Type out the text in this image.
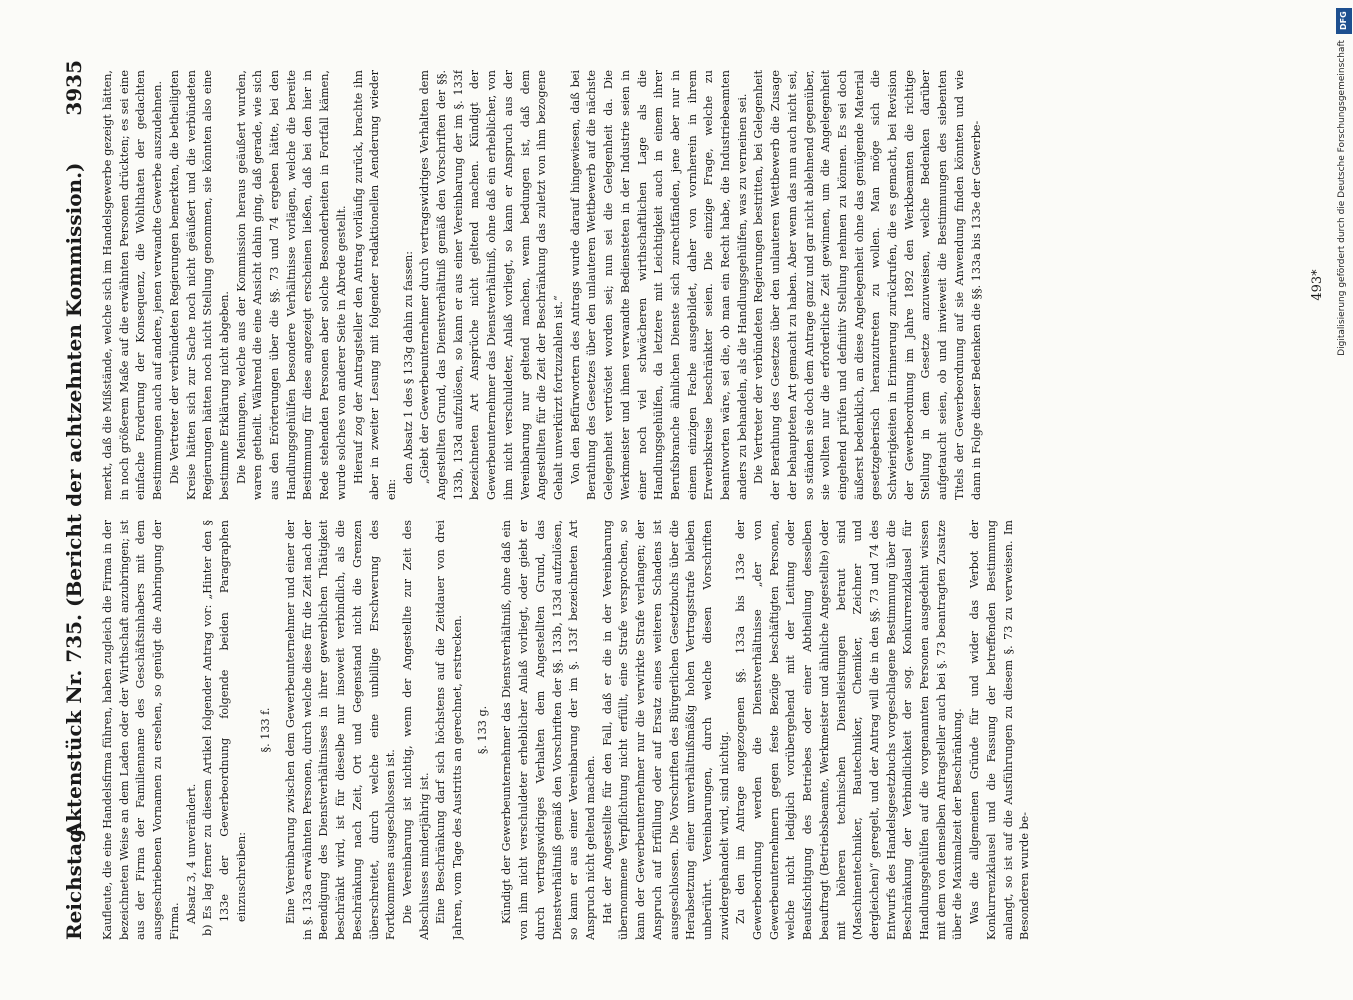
Reichstag.
Aktenstück Nr. 735. (Bericht der achtzehnten Kommission.)
3935

Kaufleute, die eine Handelsfirma führen, haben zugleich die Firma in der bezeichneten Weise an dem Laden oder der Wirthschaft anzubringen; ist aus der Firma der Familienname des Geschäftsinhabers mit dem ausgeschriebenen Vornamen zu ersehen, so genügt die Anbringung der Firma. Absatz 3, 4 unverändert. b) Es lag ferner zu diesem Artikel folgender Antrag vor: „Hinter den § 133e der Gewerbeordnung folgende beiden Paragraphen einzuschreiben:

§. 133 f. Eine Vereinbarung zwischen dem Gewerbeunternehmer und einer der in §. 133a erwähnten Personen, durch welche diese für die Zeit nach der Beendigung des Dienstverhältnisses in ihrer gewerblichen Thätigkeit beschränkt wird, ist für dieselbe nur insoweit verbindlich, als die Beschränkung nach Zeit, Ort und Gegenstand nicht die Grenzen überschreitet, durch welche eine unbillige Erschwerung des Fortkommens ausgeschlossen ist. Die Vereinbarung ist nichtig, wenn der Angestellte zur Zeit des Abschlusses minderjährig ist. Eine Beschränkung darf sich höchstens auf die Zeitdauer von drei Jahren, vom Tage des Austritts an gerechnet, erstrecken. §. 133 g. Kündigt der Gewerbeunternehmer das Dienstverhältniß, ohne daß ein von ihm nicht verschuldeter erheblicher Anlaß vorliegt, oder giebt er durch vertragswidriges Verhalten dem Angestellten Grund, das Dienstverhältniß gemäß den Vorschriften der §§. 133b, 133d aufzulösen, so kann er aus einer Vereinbarung der im §. 133f bezeichneten Art Anspruch nicht geltend machen. Hat der Angestellte für den Fall, daß er die in der Vereinbarung übernommene Verpflichtung nicht erfüllt, eine Strafe versprochen, so kann der Gewerbeunternehmer nur die verwirkte Strafe verlangen; der Anspruch auf Erfüllung oder auf Ersatz eines weiteren Schadens ist ausgeschlossen. Die Vorschriften des Bürgerlichen Gesetzbuchs über die Herabsetzung einer unverhältnißmäßig hohen Vertragsstrafe bleiben unberührt. Vereinbarungen, durch welche diesen Vorschriften zuwidergehandelt wird, sind nichtig. Zu den im Antrage angezogenen §§. 133a bis 133e der Gewerbeordnung werden die Dienstverhältnisse „der von Gewerbeunternehmern gegen feste Bezüge beschäftigten Personen, welche nicht lediglich vorübergehend mit der Leitung oder Beaufsichtigung des Betriebes oder einer Abtheilung desselben beauftragt (Betriebsbeamte, Werkmeister und ähnliche Angestellte) oder mit höheren technischen Dienstleistungen betraut sind (Maschinentechniker, Bautechniker, Chemiker, Zeichner und dergleichen)“ geregelt, und der Antrag will die in den §§. 73 und 74 des Entwurfs des Handelsgesetzbuchs vorgeschlagene Bestimmung über die Beschränkung der Verbindlichkeit der sog. Konkurrenzklausel für Handlungsgehülfen auf die vorgenannten Personen ausgedehnt wissen mit dem von demselben Antragsteller auch bei §. 73 beantragten Zusatze über die Maximalzeit der Beschränkung. Was die allgemeinen Gründe für und wider das Verbot der Konkurrenzklausel und die Fassung der betreffenden Bestimmung anlangt, so ist auf die Ausführungen zu diesem §. 73 zu verweisen. Im Besonderen wurde be-

merkt, daß die Mißstände, welche sich im Handelsgewerbe gezeigt hätten, in noch größerem Maße auf die erwähnten Personen drückten; es sei eine einfache Forderung der Konsequenz, die Wohlthaten der gedachten Bestimmungen auch auf andere, jenen verwandte Gewerbe auszudehnen. Die Vertreter der verbündeten Regierungen bemerkten, die betheiligten Kreise hätten sich zur Sache noch nicht geäußert und die verbündeten Regierungen hätten noch nicht Stellung genommen, sie könnten also eine bestimmte Erklärung nicht abgeben. Die Meinungen, welche aus der Kommission heraus geäußert wurden, waren getheilt. Während die eine Ansicht dahin ging, daß gerade, wie sich aus den Erörterungen über die §§. 73 und 74 ergeben hätte, bei den Handlungsgehülfen besondere Verhältnisse vorlägen, welche die bereite Bestimmung für diese angezeigt erscheinen ließen, daß bei den hier in Rede stehenden Personen aber solche Besonderheiten in Fortfall kämen, wurde solches von anderer Seite in Abrede gestellt. Hierauf zog der Antragsteller den Antrag vorläufig zurück, brachte ihn aber in zweiter Lesung mit folgender redaktionellen Aenderung wieder ein:

den Absatz 1 des § 133g dahin zu fassen: „Giebt der Gewerbeunternehmer durch vertragswidriges Verhalten dem Angestellten Grund, das Dienstverhältniß gemäß den Vorschriften der §§. 133b, 133d aufzulösen, so kann er aus einer Vereinbarung der im §. 133f bezeichneten Art Ansprüche nicht geltend machen. Kündigt der Gewerbeunternehmer das Dienstverhältniß, ohne daß ein erheblicher, von ihm nicht verschuldeter, Anlaß vorliegt, so kann er Anspruch aus der Vereinbarung nur geltend machen, wenn bedungen ist, daß dem Angestellten für die Zeit der Beschränkung das zuletzt von ihm bezogene Gehalt unverkürzt fortzuzahlen ist.“ Von den Befürwortern des Antrags wurde darauf hingewiesen, daß bei Berathung des Gesetzes über den unlauteren Wettbewerb auf die nächste Gelegenheit vertröstet worden sei; nun sei die Gelegenheit da. Die Werkmeister und ihnen verwandte Bediensteten in der Industrie seien in einer noch viel schwächeren wirthschaftlichen Lage als die Handlungsgehülfen, da letztere mit Leichtigkeit auch in einem ihrer Berufsbranche ähnlichen Dienste sich zurechtfänden, jene aber nur in einem einzigen Fache ausgebildet, daher von vornherein in ihrem Erwerbskreise beschränkter seien. Die einzige Frage, welche zu beantworten wäre, sei die, ob man ein Recht habe, die Industriebeamten anders zu behandeln, als die Handlungsgehülfen, was zu verneinen sei. Die Vertreter der verbündeten Regierungen bestritten, bei Gelegenheit der Berathung des Gesetzes über den unlauteren Wettbewerb die Zusage der behaupteten Art gemacht zu haben. Aber wenn das nun auch nicht sei, so ständen sie doch dem Antrage ganz und gar nicht ablehnend gegenüber, sie wollten nur die erforderliche Zeit gewinnen, um die Angelegenheit eingehend prüfen und definitiv Stellung nehmen zu können. Es sei doch äußerst bedenklich, an diese Angelegenheit ohne das genügende Material gesetzgeberisch heranzutreten zu wollen. Man möge sich die Schwierigkeiten in Erinnerung zurückrufen, die es gemacht, bei Revision der Gewerbeordnung im Jahre 1892 den Werkbeamten die richtige Stellung in dem Gesetze anzuweisen, welche Bedenken darüber aufgetaucht seien, ob und inwieweit die Bestimmungen des siebenten Titels der Gewerbeordnung auf sie Anwendung finden könnten und wie dann in Folge dieser Bedenken die §§. 133a bis 133e der Gewerbe-	493*
DFG
Digitalisierung gefördert durch die Deutsche Forschungsgemeinschaft
